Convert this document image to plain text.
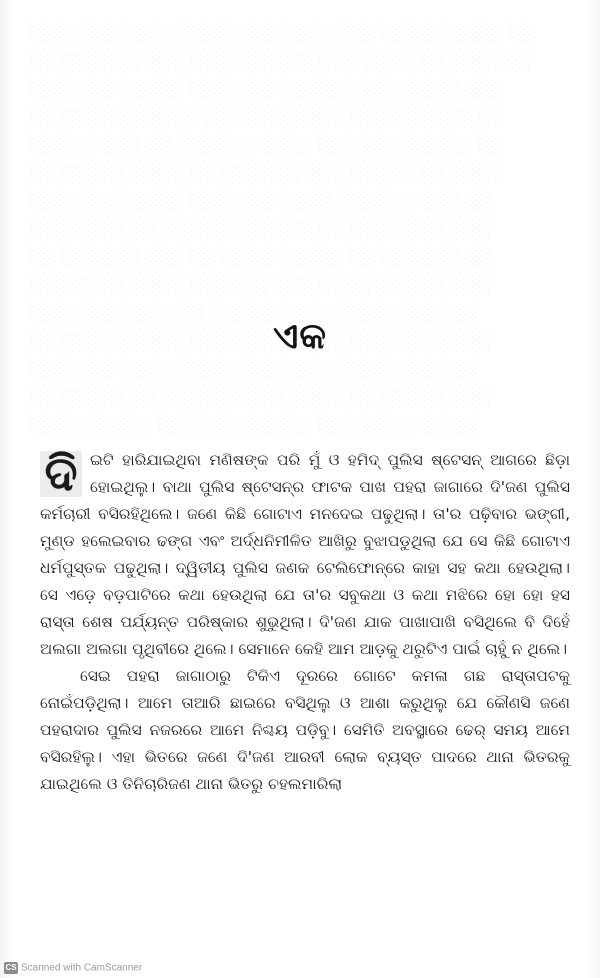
ଏକ

ଦି ଇଟି ହାରିଯାଇଥିବା ମଣିଷଙ୍କ ପରି ମୁଁ ଓ ହମିଦ୍ ପୁଲିସ ଷ୍ଟେସନ୍ ଆଗରେ ଛିଡ଼ା ହୋଇଥିଲୁ। ବାଥା ପୁଲିସ ଷ୍ଟେସନ୍‌ର ଫାଟକ ପାଖ ପହରା ଜାଗାରେ ଦି'ଜଣ ପୁଲିସ କର୍ମଚାରୀ ବସିରହିଥିଲେ। ଜଣେ କିଛି ଗୋଟାଏ ମନଦେଇ ପଢୁଥିଲା। ତା'ର ପଢ଼ିବାର ଭଙ୍ଗୀ, ମୁଣ୍ଡ ହଲେଇବାର ଢଙ୍ଗ ଏବଂ ଅର୍ଦ୍ଧନିମୀଳିତ ଆଖିରୁ ବୁଝାପଡୁଥିଲା ଯେ ସେ କିଛି ଗୋଟାଏ ଧର୍ମପୁସ୍ତକ ପଢୁଥିଲା। ଦ୍ୱିତୀୟ ପୁଲିସ ଜଣକ ଟେଲିଫୋନ୍‌ରେ କାହା ସହ କଥା ହେଉଥିଲା। ସେ ଏଡ଼େ ବଡ଼ପାଟିରେ କଥା ହେଉଥିଲା ଯେ ତା'ର ସବୁକଥା ଓ କଥା ମଝିରେ ହୋ ହୋ ହସ ରାସ୍ତା ଶେଷ ପର୍ଯ୍ୟନ୍ତ ପରିଷ୍କାର ଶୁଭୁଥିଲା। ଦି'ଜଣ ଯାକ ପାଖାପାଖି ବସିଥିଲେ ବି ଦିହେଁ ଅଲଗା ଅଲଗା ପୃଥିବୀରେ ଥିଲେ। ସେମାନେ କେହି ଆମ ଆଡ଼କୁ ଥରୁଟିଏ ପାଇଁ ଚାହୁଁ ନ ଥିଲେ।

ସେଇ ପହରା ଜାଗାଠାରୁ ଟିକିଏ ଦୂରରେ ଗୋଟେ କମଳା ଗଛ ରାସ୍ତାପଟକୁ ନୋଇଁପଡ଼ିଥିଲା। ଆମେ ତାଆରି ଛାଇରେ ବସିଥିଲୁ ଓ ଆଶା କରୁଥିଲୁ ଯେ କୌଣସି ଜଣେ ପହରାଦାର ପୁଲିସ ନଜରରେ ଆମେ ନିଶ୍ଚୟ ପଡ଼ିବୁ। ସେମିତି ଅବସ୍ଥାରେ ଢେର୍ ସମୟ ଆମେ ବସିରହିଲୁ। ଏହା ଭିତରେ ଜଣେ ଦି'ଜଣ ଆରବୀ ଲୋକ ବ୍ୟସ୍ତ ପାଦରେ ଥାନା ଭିତରକୁ ଯାଇଥିଲେ ଓ ତିନିଚାରିଜଣ ଥାନା ଭିତରୁ ଚହଲମାରିଲା

CS Scanned with CamScanner
